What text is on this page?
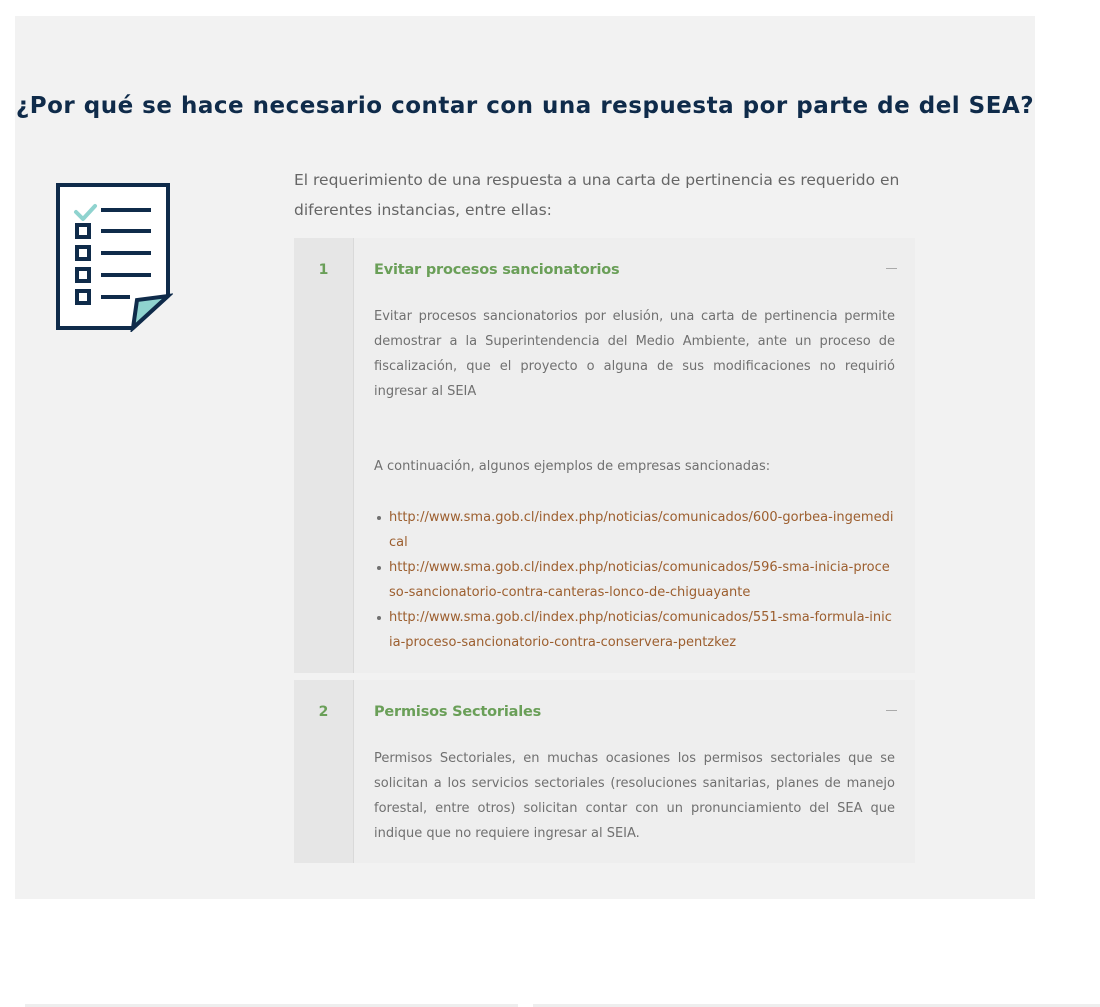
¿Por qué se hace necesario contar con una respuesta por parte de del SEA?

El requerimiento de una respuesta a una carta de pertinencia es requerido en diferentes instancias, entre ellas:

1	Evitar procesos sancionatorios

Evitar procesos sancionatorios por elusión, una carta de pertinencia permite demostrar a la Superintendencia del Medio Ambiente, ante un proceso de fiscalización, que el proyecto o alguna de sus modificaciones no requirió ingresar al SEIA

A continuación, algunos ejemplos de empresas sancionadas:

http://www.sma.gob.cl/index.php/noticias/comunicados/600-gorbea-ingemedical
http://www.sma.gob.cl/index.php/noticias/comunicados/596-sma-inicia-proceso-sancionatorio-contra-canteras-lonco-de-chiguayante
http://www.sma.gob.cl/index.php/noticias/comunicados/551-sma-formula-inicia-proceso-sancionatorio-contra-conservera-pentzkez
2	Permisos Sectoriales

Permisos Sectoriales, en muchas ocasiones los permisos sectoriales que se solicitan a los servicios sectoriales (resoluciones sanitarias, planes de manejo forestal, entre otros) solicitan contar con un pronunciamiento del SEA que indique que no requiere ingresar al SEIA.
